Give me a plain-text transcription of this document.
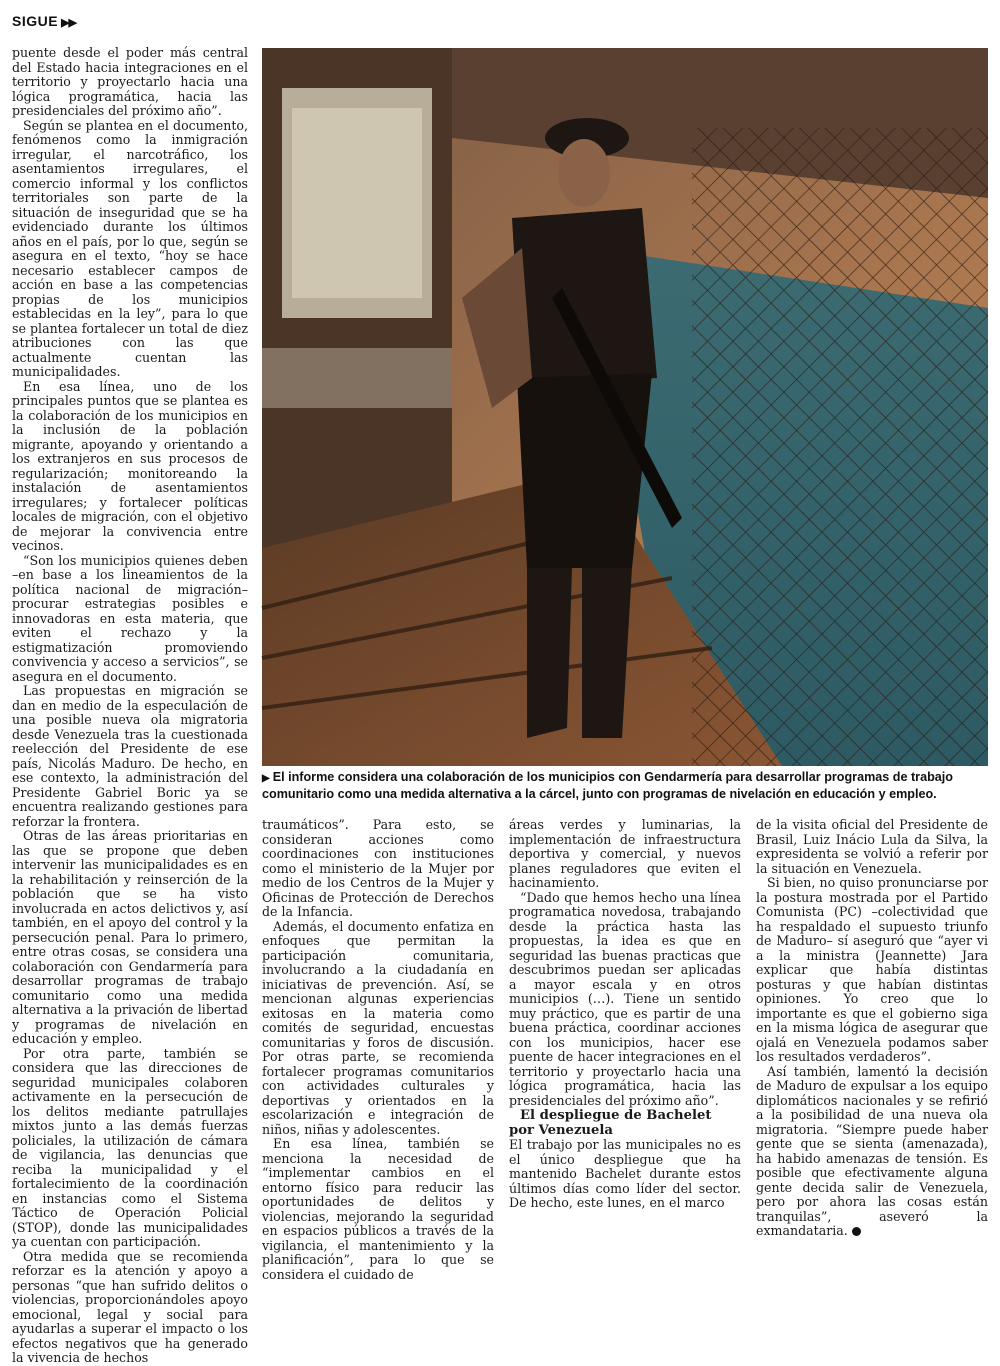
SIGUE ▶▶

puente desde el poder más central del Estado hacia integraciones en el territorio y proyectarlo hacia una lógica programática, hacia las presidenciales del próximo año”.

Según se plantea en el documento, fenómenos como la inmigración irregular, el narcotráfico, los asentamientos irregulares, el comercio informal y los conflictos territoriales son parte de la situación de inseguridad que se ha evidenciado durante los últimos años en el país, por lo que, según se asegura en el texto, “hoy se hace necesario establecer campos de acción en base a las competencias propias de los municipios establecidas en la ley”, para lo que se plantea fortalecer un total de diez atribuciones con las que actualmente cuentan las municipalidades.

En esa línea, uno de los principales puntos que se plantea es la colaboración de los municipios en la inclusión de la población migrante, apoyando y orientando a los extranjeros en sus procesos de regularización; monitoreando la instalación de asentamientos irregulares; y fortalecer políticas locales de migración, con el objetivo de mejorar la convivencia entre vecinos.

“Son los municipios quienes deben –en base a los lineamientos de la política nacional de migración– procurar estrategias posibles e innovadoras en esta materia, que eviten el rechazo y la estigmatización promoviendo convivencia y acceso a servicios”, se asegura en el documento.

Las propuestas en migración se dan en medio de la especulación de una posible nueva ola migratoria desde Venezuela tras la cuestionada reelección del Presidente de ese país, Nicolás Maduro. De hecho, en ese contexto, la administración del Presidente Gabriel Boric ya se encuentra realizando gestiones para reforzar la frontera.

Otras de las áreas prioritarias en las que se propone que deben intervenir las municipalidades es en la rehabilitación y reinserción de la población que se ha visto involucrada en actos delictivos y, así también, en el apoyo del control y la persecución penal. Para lo primero, entre otras cosas, se considera una colaboración con Gendarmería para desarrollar programas de trabajo comunitario como una medida alternativa a la privación de libertad y programas de nivelación en educación y empleo.

Por otra parte, también se considera que las direcciones de seguridad municipales colaboren activamente en la persecución de los delitos mediante patrullajes mixtos junto a las demás fuerzas policiales, la utilización de cámara de vigilancia, las denuncias que reciba la municipalidad y el fortalecimiento de la coordinación en instancias como el Sistema Táctico de Operación Policial (STOP), donde las municipalidades ya cuentan con participación.

Otra medida que se recomienda reforzar es la atención y apoyo a personas “que han sufrido delitos o violencias, proporcionándoles apoyo emocional, legal y social para ayudarlas a superar el impacto o los efectos negativos que ha generado la vivencia de hechos

▶ El informe considera una colaboración de los municipios con Gendarmería para desarrollar programas de trabajo comunitario como una medida alternativa a la cárcel, junto con programas de nivelación en educación y empleo.

traumáticos”. Para esto, se consideran acciones como coordinaciones con instituciones como el ministerio de la Mujer por medio de los Centros de la Mujer y Oficinas de Protección de Derechos de la Infancia.

Además, el documento enfatiza en enfoques que permitan la participación comunitaria, involucrando a la ciudadanía en iniciativas de prevención. Así, se mencionan algunas experiencias exitosas en la materia como comités de seguridad, encuestas comunitarias y foros de discusión. Por otras parte, se recomienda fortalecer programas comunitarios con actividades culturales y deportivas y orientados en la escolarización e integración de niños, niñas y adolescentes.

En esa línea, también se menciona la necesidad de “implementar cambios en el entorno físico para reducir las oportunidades de delitos y violencias, mejorando la seguridad en espacios públicos a través de la vigilancia, el mantenimiento y la planificación”, para lo que se considera el cuidado de

áreas verdes y luminarias, la implementación de infraestructura deportiva y comercial, y nuevos planes reguladores que eviten el hacinamiento.

“Dado que hemos hecho una línea programatica novedosa, trabajando desde la práctica hasta las propuestas, la idea es que en seguridad las buenas practicas que descubrimos puedan ser aplicadas a mayor escala y en otros municipios (…). Tiene un sentido muy práctico, que es partir de una buena práctica, coordinar acciones con los municipios, hacer ese puente de hacer integraciones en el territorio y proyectarlo hacia una lógica programática, hacia las presidenciales del próximo año”.

El despliegue de Bachelet por Venezuela

El trabajo por las municipales no es el único despliegue que ha mantenido Bachelet durante estos últimos días como líder del sector. De hecho, este lunes, en el marco

de la visita oficial del Presidente de Brasil, Luiz Inácio Lula da Silva, la expresidenta se volvió a referir por la situación en Venezuela.

Si bien, no quiso pronunciarse por la postura mostrada por el Partido Comunista (PC) –colectividad que ha respaldado el supuesto triunfo de Maduro– sí aseguró que “ayer vi a la ministra (Jeannette) Jara explicar que había distintas posturas y que habían distintas opiniones. Yo creo que lo importante es que el gobierno siga en la misma lógica de asegurar que ojalá en Venezuela podamos saber los resultados verdaderos”.

Así también, lamentó la decisión de Maduro de expulsar a los equipo diplomáticos nacionales y se refirió a la posibilidad de una nueva ola migratoria. “Siempre puede haber gente que se sienta (amenazada), ha habido amenazas de tensión. Es posible que efectivamente alguna gente decida salir de Venezuela, pero por ahora las cosas están tranquilas”, aseveró la exmandataria.
